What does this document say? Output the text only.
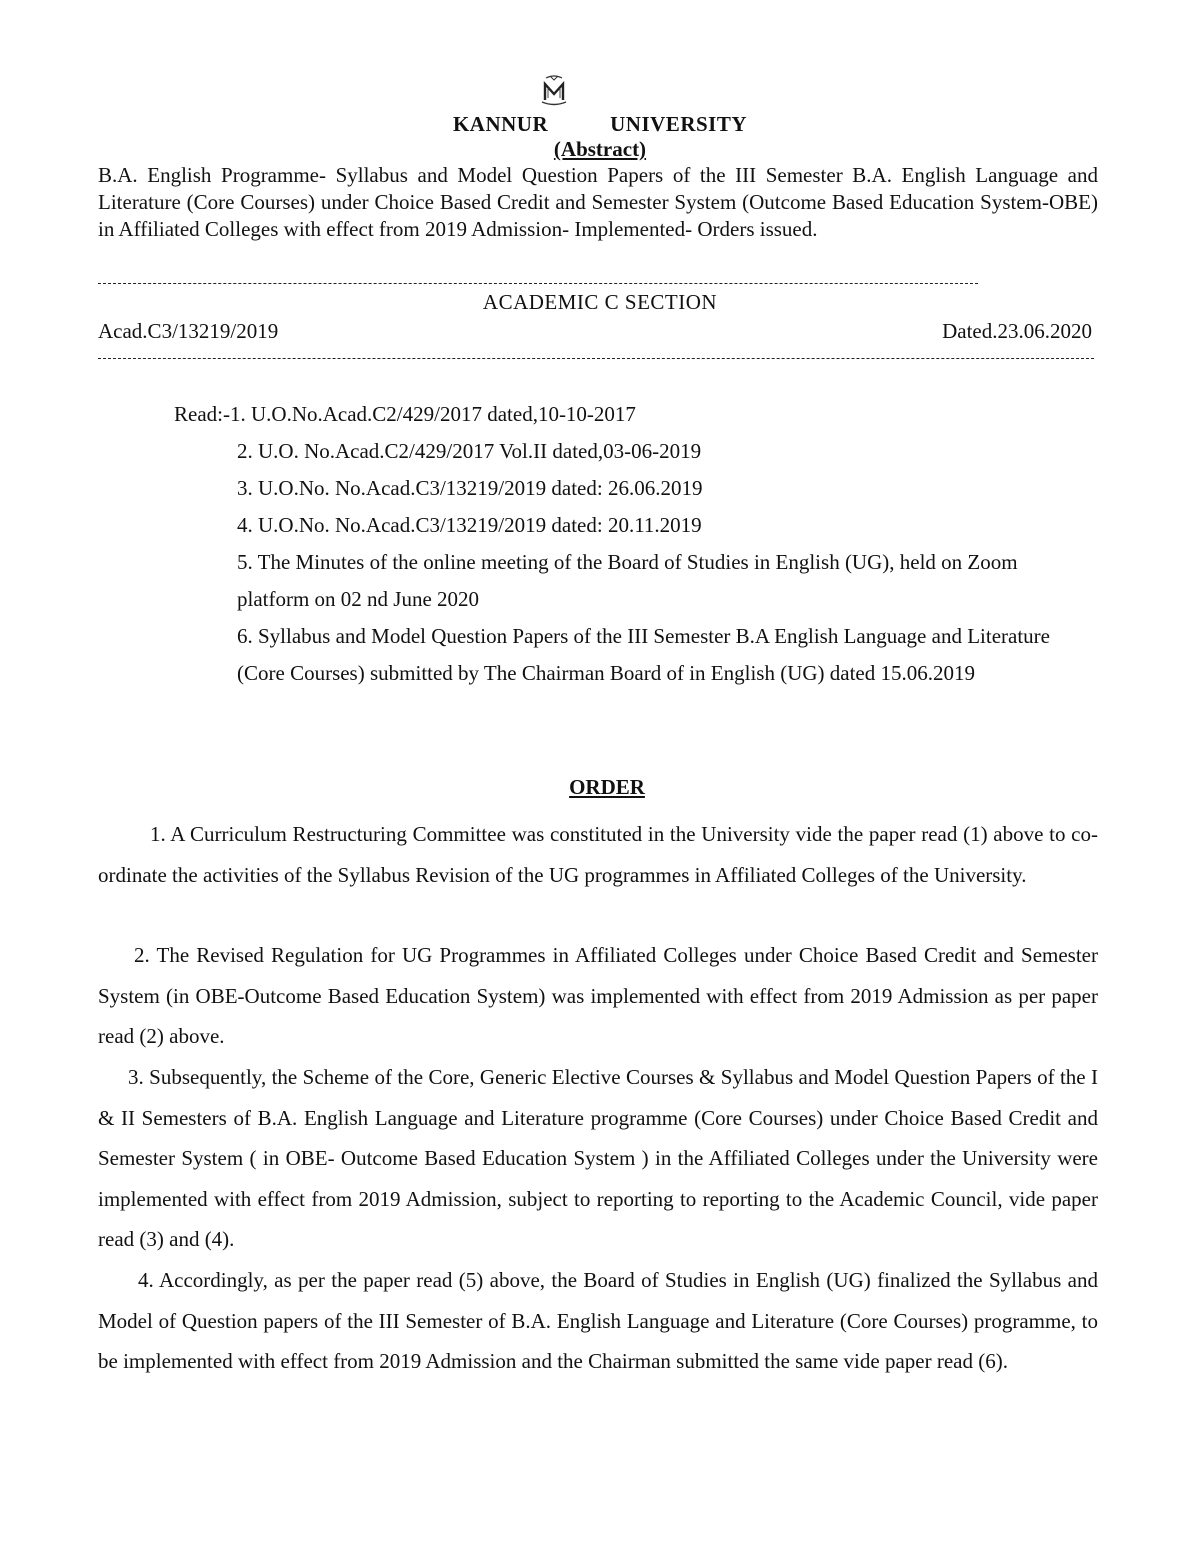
KANNUR	UNIVERSITY
(Abstract)
B.A. English Programme- Syllabus and Model Question Papers of the III Semester B.A. English Language and Literature (Core Courses) under Choice Based Credit and Semester System (Outcome Based Education System-OBE) in Affiliated Colleges with effect from 2019 Admission- Implemented- Orders issued.
ACADEMIC C SECTION
Acad.C3/13219/2019	Dated.23.06.2020
Read:-1. U.O.No.Acad.C2/429/2017 dated,10-10-2017
2. U.O. No.Acad.C2/429/2017 Vol.II dated,03-06-2019
3. U.O.No. No.Acad.C3/13219/2019 dated: 26.06.2019
4. U.O.No. No.Acad.C3/13219/2019 dated: 20.11.2019
5. The Minutes of the online meeting of the Board of Studies in English (UG), held on Zoom platform on 02 nd June 2020
6. Syllabus and Model Question Papers of the III Semester B.A English Language and Literature (Core Courses) submitted by The Chairman Board of in English (UG) dated 15.06.2019
ORDER
1. A Curriculum Restructuring Committee was constituted in the University vide the paper read (1) above to co-ordinate the activities of the Syllabus Revision of the UG programmes in Affiliated Colleges of the University.
2. The Revised Regulation for UG Programmes in Affiliated Colleges under Choice Based Credit and Semester System (in OBE-Outcome Based Education System) was implemented with effect from 2019 Admission as per paper read (2) above.
3. Subsequently, the Scheme of the Core, Generic Elective Courses & Syllabus and Model Question Papers of the I & II Semesters of B.A. English Language and Literature programme (Core Courses) under Choice Based Credit and Semester System ( in OBE- Outcome Based Education System ) in the Affiliated Colleges under the University were implemented with effect from 2019 Admission, subject to reporting to reporting to the Academic Council, vide paper read (3) and (4).
4. Accordingly, as per the paper read (5) above, the Board of Studies in English (UG) finalized the Syllabus and Model of Question papers of the III Semester of B.A. English Language and Literature (Core Courses) programme, to be implemented with effect from 2019 Admission and the Chairman submitted the same vide paper read (6).
